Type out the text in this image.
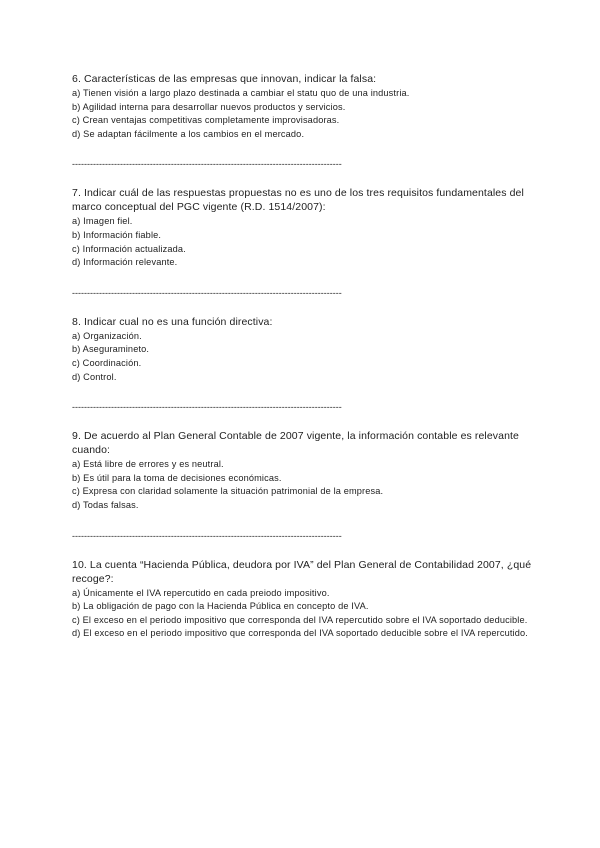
6. Características de las empresas que innovan, indicar la falsa:

a) Tienen visión a largo plazo destinada a cambiar el statu quo de una industria.
b) Agilidad interna para desarrollar nuevos productos y servicios.
c) Crean ventajas competitivas completamente improvisadoras.
d) Se adaptan fácilmente a los cambios en el mercado.
------------------------------------------------------------------------------------------

7. Indicar cuál de las respuestas propuestas no es uno de los tres requisitos fundamentales del marco conceptual del PGC vigente (R.D. 1514/2007):

a) Imagen fiel.
b) Información fiable.
c) Información actualizada.
d) Información relevante.
------------------------------------------------------------------------------------------

8. Indicar cual no es una función directiva:

a) Organización.
b) Aseguramineto.
c) Coordinación.
d) Control.
------------------------------------------------------------------------------------------

9. De acuerdo al Plan General Contable de 2007 vigente, la información contable es relevante cuando:

a) Está libre de errores y es neutral.
b) Es útil para la toma de decisiones económicas.
c) Expresa con claridad solamente la situación patrimonial de la empresa.
d) Todas falsas.
------------------------------------------------------------------------------------------

10. La cuenta “Hacienda Pública, deudora por IVA” del Plan General de Contabilidad 2007, ¿qué recoge?:

a) Únicamente el IVA repercutido en cada preiodo impositivo.
b) La obligación de pago con la Hacienda Pública en concepto de IVA.
c) El exceso en el periodo impositivo que corresponda del IVA repercutido sobre el IVA soportado deducible.
d) El exceso en el periodo impositivo que corresponda del IVA soportado deducible sobre el IVA repercutido.
